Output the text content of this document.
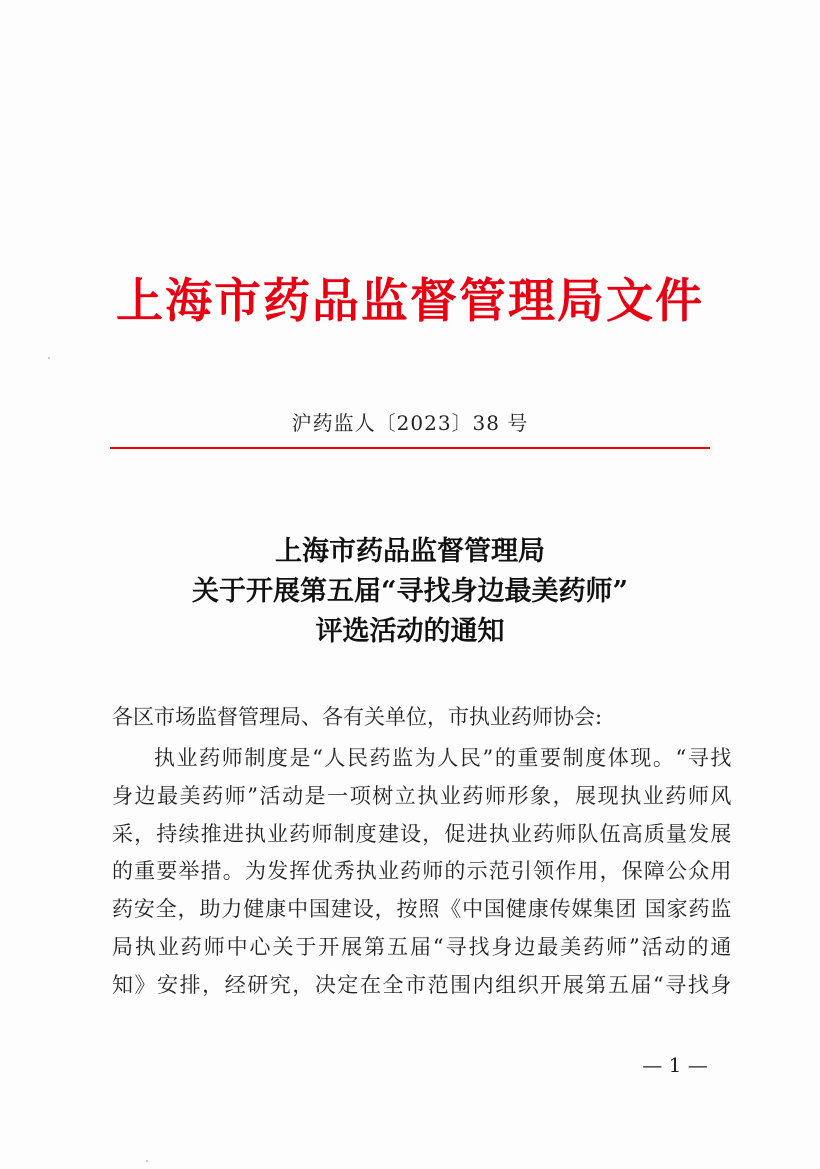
上海市药品监督管理局文件
沪药监人〔2023〕38 号
上海市药品监督管理局
关于开展第五届“寻找身边最美药师”
评选活动的通知
各区市场监督管理局、各有关单位，市执业药师协会:
执业药师制度是“人民药监为人民”的重要制度体现。“寻找
身边最美药师”活动是一项树立执业药师形象，展现执业药师风
采，持续推进执业药师制度建设，促进执业药师队伍高质量发展
的重要举措。为发挥优秀执业药师的示范引领作用，保障公众用
药安全，助力健康中国建设，按照《中国健康传媒集团 国家药监
局执业药师中心关于开展第五届“寻找身边最美药师”活动的通
知》安排，经研究，决定在全市范围内组织开展第五届“寻找身
— 1 —
